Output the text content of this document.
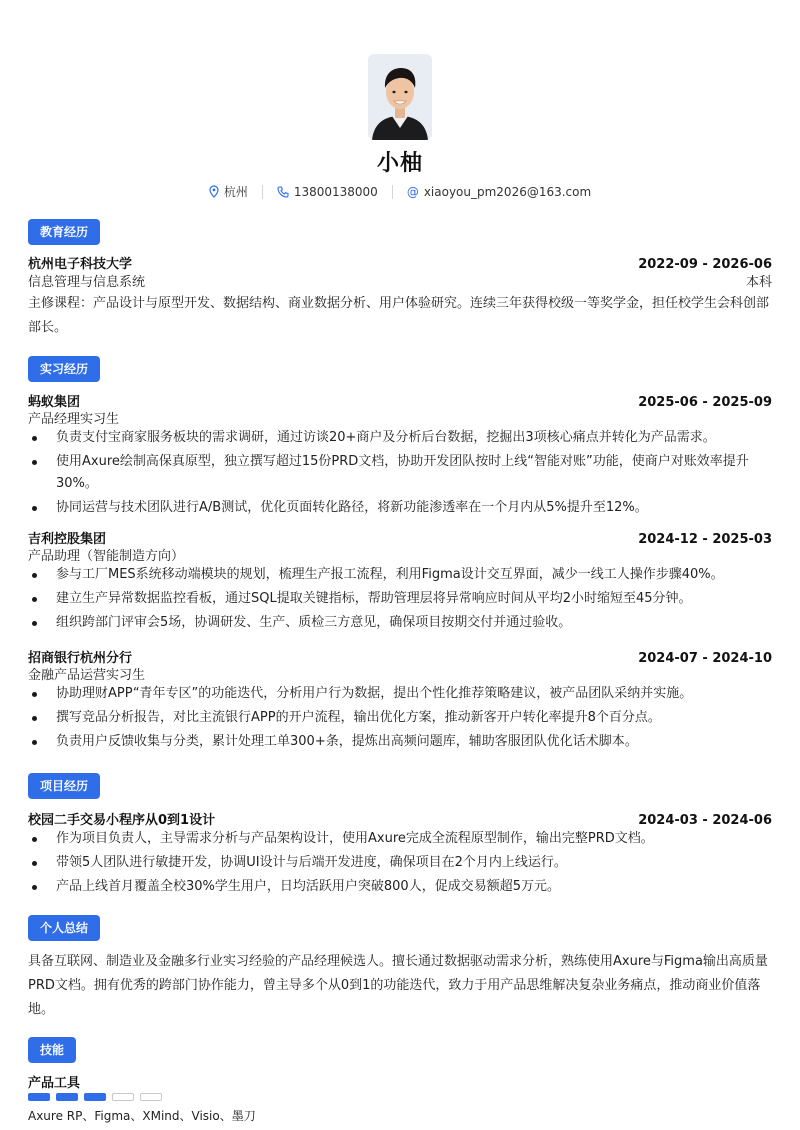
小柚
杭州	13800138000 @ xiaoyou_pm2026@163.com
教育经历
杭州电子科技大学	2022-09 - 2026-06
信息管理与信息系统	本科
主修课程：产品设计与原型开发、数据结构、商业数据分析、用户体验研究。连续三年获得校级一等奖学金，担任校学生会科创部部长。
实习经历
蚂蚁集团	2025-06 - 2025-09
产品经理实习生
负责支付宝商家服务板块的需求调研，通过访谈20+商户及分析后台数据，挖掘出3项核心痛点并转化为产品需求。
使用Axure绘制高保真原型，独立撰写超过15份PRD文档，协助开发团队按时上线“智能对账”功能，使商户对账效率提升30%。
协同运营与技术团队进行A/B测试，优化页面转化路径，将新功能渗透率在一个月内从5%提升至12%。
吉利控股集团	2024-12 - 2025-03
产品助理（智能制造方向）
参与工厂MES系统移动端模块的规划，梳理生产报工流程，利用Figma设计交互界面，减少一线工人操作步骤40%。
建立生产异常数据监控看板，通过SQL提取关键指标，帮助管理层将异常响应时间从平均2小时缩短至45分钟。
组织跨部门评审会5场，协调研发、生产、质检三方意见，确保项目按期交付并通过验收。
招商银行杭州分行	2024-07 - 2024-10
金融产品运营实习生
协助理财APP“青年专区”的功能迭代，分析用户行为数据，提出个性化推荐策略建议，被产品团队采纳并实施。
撰写竞品分析报告，对比主流银行APP的开户流程，输出优化方案，推动新客开户转化率提升8个百分点。
负责用户反馈收集与分类，累计处理工单300+条，提炼出高频问题库，辅助客服团队优化话术脚本。
项目经历
校园二手交易小程序从0到1设计	2024-03 - 2024-06
作为项目负责人，主导需求分析与产品架构设计，使用Axure完成全流程原型制作，输出完整PRD文档。
带领5人团队进行敏捷开发，协调UI设计与后端开发进度，确保项目在2个月内上线运行。
产品上线首月覆盖全校30%学生用户，日均活跃用户突破800人，促成交易额超5万元。
个人总结
具备互联网、制造业及金融多行业实习经验的产品经理候选人。擅长通过数据驱动需求分析，熟练使用Axure与Figma输出高质量PRD文档。拥有优秀的跨部门协作能力，曾主导多个从0到1的功能迭代，致力于用产品思维解决复杂业务痛点，推动商业价值落地。
技能
产品工具
Axure RP、Figma、XMind、Visio、墨刀
